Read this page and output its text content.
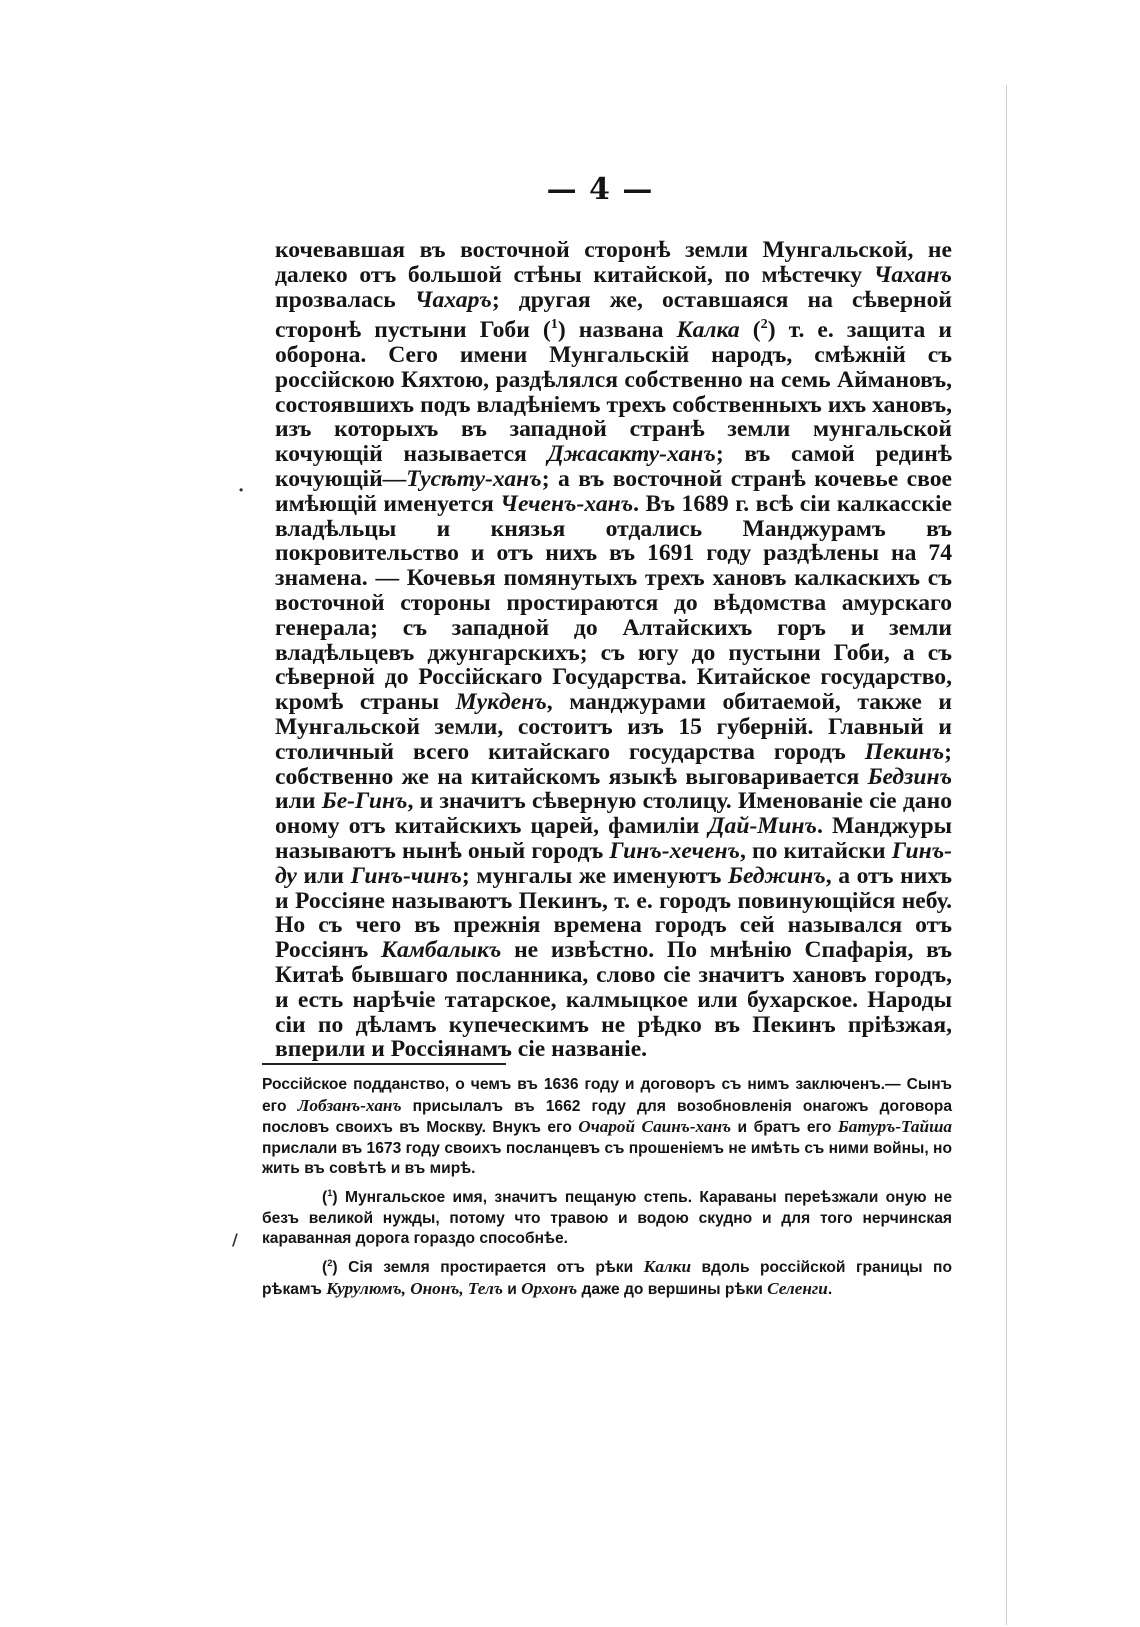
— 4 —
·
/

кочевавшая въ восточной сторонѣ земли Мунгальской, не далеко отъ большой стѣны китайской, по мѣстечку Чаханъ прозвалась Чахаръ; другая же, оставшаяся на сѣверной сторонѣ пустыни Гоби ($^1$) названа Калка ($^2$) т. е. защита и оборона. Сего имени Мунгальскій народъ, смѣжній съ россійскою Кяхтою, раздѣлялся собственно на семь Аймановъ, состоявшихъ подъ владѣніемъ трехъ собственныхъ ихъ хановъ, изъ которыхъ въ западной странѣ земли мунгальской кочующій называется Джасакту-ханъ; въ самой рединѣ кочующій—Тусѣту-ханъ; а въ восточной странѣ кочевье свое имѣющій именуется Чеченъ-ханъ. Въ 1689 г. всѣ сіи калкасскіе владѣльцы и князья отдались Манджурамъ въ покровительство и отъ нихъ въ 1691 году раздѣлены на 74 знамена. — Кочевья помянутыхъ трехъ хановъ калкаскихъ съ восточной стороны простираются до вѣдомства амурскаго генерала; съ западной до Алтайскихъ горъ и земли владѣльцевъ джунгарскихъ; съ югу до пустыни Гоби, а съ сѣверной до Россійскаго Государства. Китайское государство, кромѣ страны Мукденъ, манджурами обитаемой, также и Мунгальской земли, состоитъ изъ 15 губерній. Главный и столичный всего китайскаго государства городъ Пекинъ; собственно же на китайскомъ языкѣ выговаривается Бедзинъ или Бе-Гинъ, и значитъ сѣверную столицу. Именованіе сіе дано оному отъ китайскихъ царей, фамиліи Дай-Минъ. Манджуры называютъ нынѣ оный городъ Гинъ-хеченъ, по китайски Гинъ-ду или Гинъ-чинъ; мунгалы же именуютъ Беджинъ, а отъ нихъ и Россіяне называютъ Пекинъ, т. е. городъ повинующійся небу. Но съ чего въ прежнія времена городъ сей назывался отъ Россіянъ Камбалыкъ не извѣстно. По мнѣнію Спафарія, въ Китаѣ бывшаго посланника, слово сіе значитъ хановъ городъ, и есть нарѣчіе татарское, калмыцкое или бухарское. Народы сіи по дѣламъ купеческимъ не рѣдко въ Пекинъ пріѣзжая, вперили и Россіянамъ сіе названіе.

Россійское подданство, о чемъ въ 1636 году и договоръ съ нимъ заключенъ.— Сынъ его Лобзанъ-ханъ присылалъ въ 1662 году для возобновленія онагожъ договора пословъ своихъ въ Москву. Внукъ его Очарой Саинъ-ханъ и братъ его Батуръ-Тайша прислали въ 1673 году своихъ посланцевъ съ прошеніемъ не имѣть съ ними войны, но жить въ совѣтѣ и въ мирѣ.

($^1$) Мунгальское имя, значитъ пещаную степь. Караваны переѣзжали оную не безъ великой нужды, потому что травою и водою скудно и для того нерчинская караванная дорога гораздо способнѣе.

($^2$) Сія земля простирается отъ рѣки Калки вдоль россійской границы по рѣкамъ Курулюмъ, Ононъ, Телъ и Орхонъ даже до вершины рѣки Селенги.
